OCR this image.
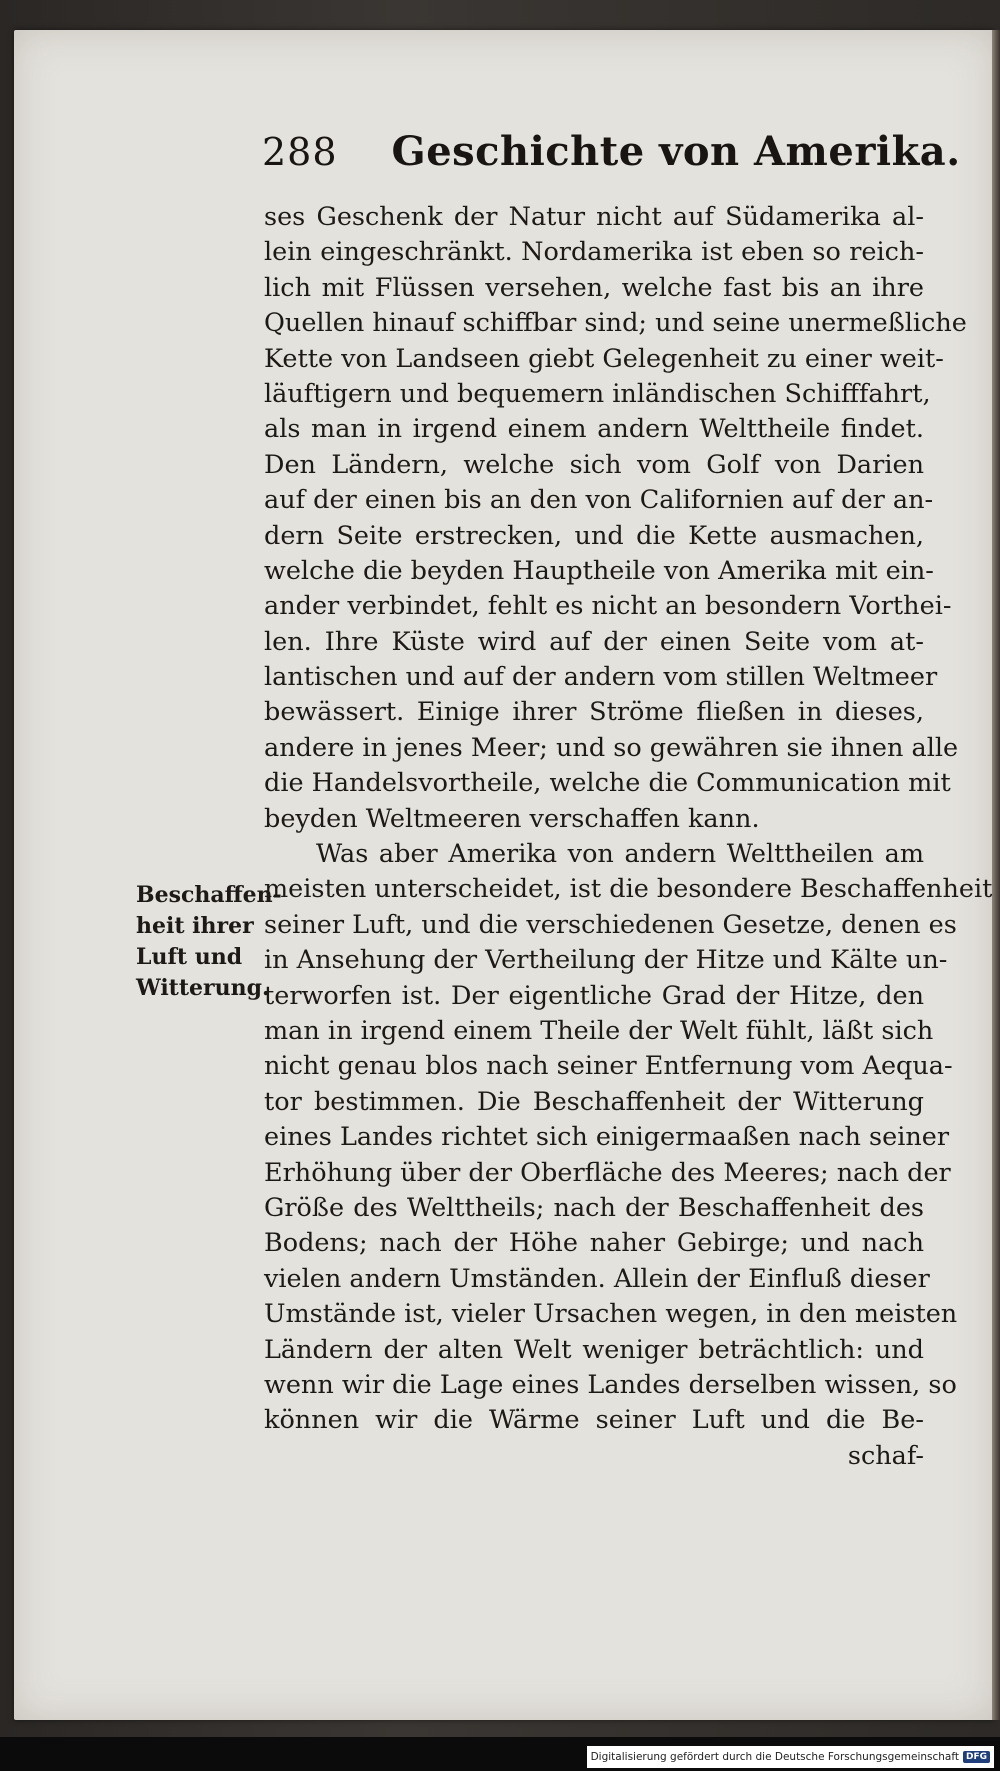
288 Geschichte von Amerika.
Beschaffen-
heit ihrer
Luft und
Witterung.
ses Geschenk der Natur nicht auf Südamerika al-
lein eingeschränkt. Nordamerika ist eben so reich-
lich mit Flüssen versehen, welche fast bis an ihre
Quellen hinauf schiffbar sind; und seine unermeßliche
Kette von Landseen giebt Gelegenheit zu einer weit-
läuftigern und bequemern inländischen Schifffahrt,
als man in irgend einem andern Welttheile findet.
Den Ländern, welche sich vom Golf von Darien
auf der einen bis an den von Californien auf der an-
dern Seite erstrecken, und die Kette ausmachen,
welche die beyden Hauptheile von Amerika mit ein-
ander verbindet, fehlt es nicht an besondern Vorthei-
len. Ihre Küste wird auf der einen Seite vom at-
lantischen und auf der andern vom stillen Weltmeer
bewässert. Einige ihrer Ströme fließen in dieses,
andere in jenes Meer; und so gewähren sie ihnen alle
die Handelsvortheile, welche die Communication mit
beyden Weltmeeren verschaffen kann.
Was aber Amerika von andern Welttheilen am
meisten unterscheidet, ist die besondere Beschaffenheit
seiner Luft, und die verschiedenen Gesetze, denen es
in Ansehung der Vertheilung der Hitze und Kälte un-
terworfen ist. Der eigentliche Grad der Hitze, den
man in irgend einem Theile der Welt fühlt, läßt sich
nicht genau blos nach seiner Entfernung vom Aequa-
tor bestimmen. Die Beschaffenheit der Witterung
eines Landes richtet sich einigermaaßen nach seiner
Erhöhung über der Oberfläche des Meeres; nach der
Größe des Welttheils; nach der Beschaffenheit des
Bodens; nach der Höhe naher Gebirge; und nach
vielen andern Umständen. Allein der Einfluß dieser
Umstände ist, vieler Ursachen wegen, in den meisten
Ländern der alten Welt weniger beträchtlich: und
wenn wir die Lage eines Landes derselben wissen, so
können wir die Wärme seiner Luft und die Be-
schaf-
Digitalisierung gefördert durch die Deutsche Forschungsgemeinschaft DFG
